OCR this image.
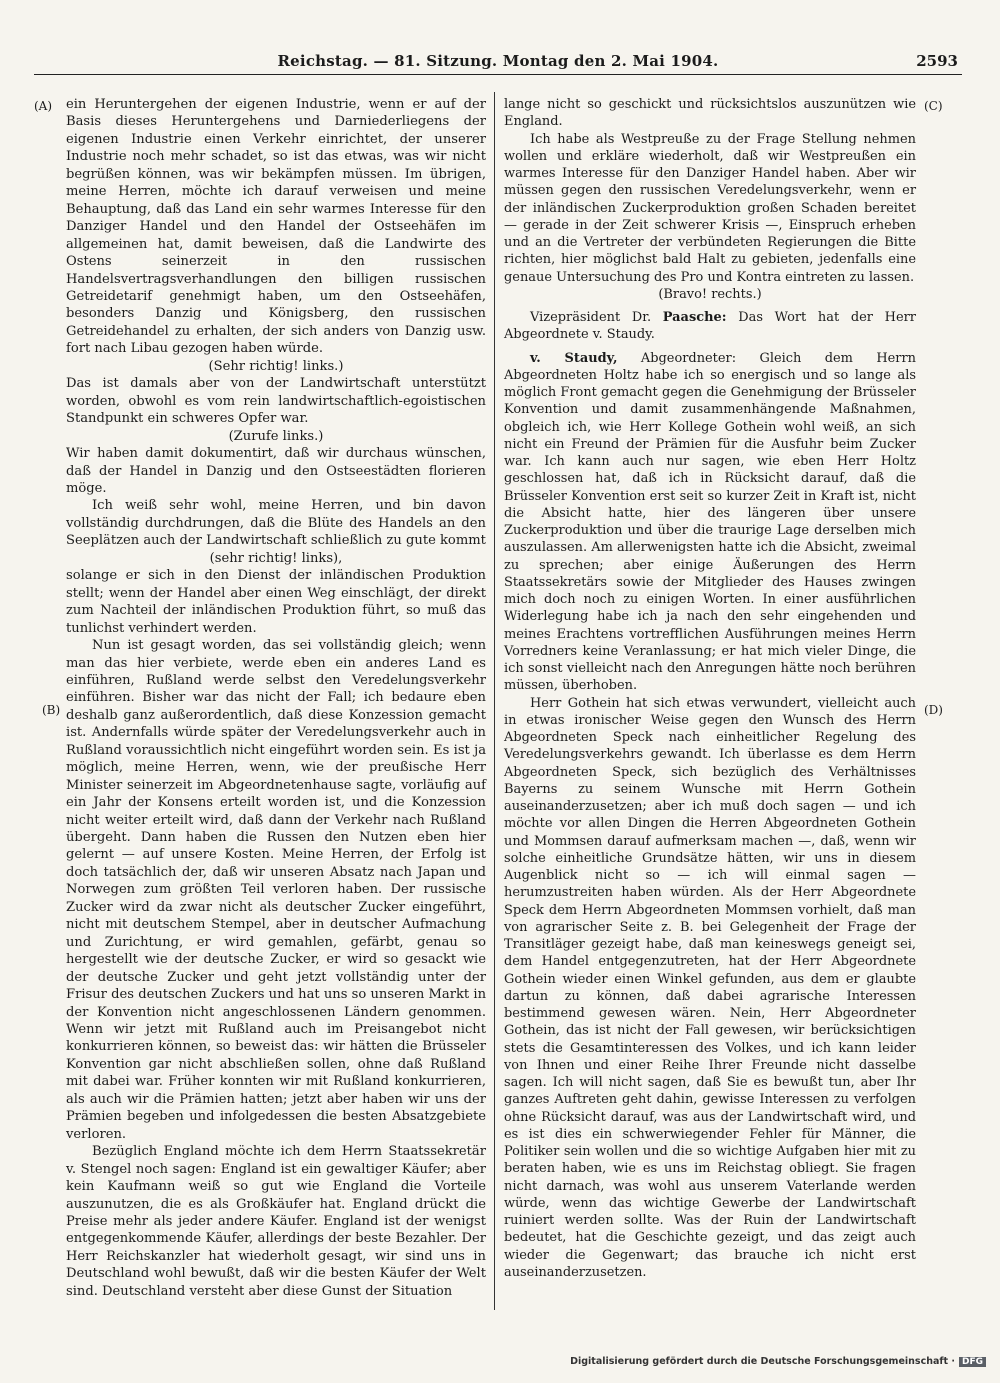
Reichstag. — 81. Sitzung. Montag den 2. Mai 1904.	2593
(A)
(B)
(C)
(D)

ein Heruntergehen der eigenen Industrie, wenn er auf der Basis dieses Heruntergehens und Darniederliegens der eigenen Industrie einen Verkehr einrichtet, der unserer Industrie noch mehr schadet, so ist das etwas, was wir nicht begrüßen können, was wir bekämpfen müssen. Im übrigen, meine Herren, möchte ich darauf verweisen und meine Behauptung, daß das Land ein sehr warmes Interesse für den Danziger Handel und den Handel der Ostseehäfen im allgemeinen hat, damit beweisen, daß die Landwirte des Ostens seinerzeit in den russischen Handelsvertragsverhandlungen den billigen russischen Getreidetarif genehmigt haben, um den Ostseehäfen, besonders Danzig und Königsberg, den russischen Getreidehandel zu erhalten, der sich anders von Danzig usw. fort nach Libau gezogen haben würde.

(Sehr richtig! links.)

Das ist damals aber von der Landwirtschaft unterstützt worden, obwohl es vom rein landwirtschaftlich-egoistischen Standpunkt ein schweres Opfer war.

(Zurufe links.)

Wir haben damit dokumentirt, daß wir durchaus wünschen, daß der Handel in Danzig und den Ostseestädten florieren möge.

Ich weiß sehr wohl, meine Herren, und bin davon vollständig durchdrungen, daß die Blüte des Handels an den Seeplätzen auch der Landwirtschaft schließlich zu gute kommt

(sehr richtig! links),

solange er sich in den Dienst der inländischen Produktion stellt; wenn der Handel aber einen Weg einschlägt, der direkt zum Nachteil der inländischen Produktion führt, so muß das tunlichst verhindert werden.

Nun ist gesagt worden, das sei vollständig gleich; wenn man das hier verbiete, werde eben ein anderes Land es einführen, Rußland werde selbst den Veredelungsverkehr einführen. Bisher war das nicht der Fall; ich bedaure eben deshalb ganz außerordentlich, daß diese Konzession gemacht ist. Andernfalls würde später der Veredelungsverkehr auch in Rußland voraussichtlich nicht eingeführt worden sein. Es ist ja möglich, meine Herren, wenn, wie der preußische Herr Minister seinerzeit im Abgeordnetenhause sagte, vorläufig auf ein Jahr der Konsens erteilt worden ist, und die Konzession nicht weiter erteilt wird, daß dann der Verkehr nach Rußland übergeht. Dann haben die Russen den Nutzen eben hier gelernt — auf unsere Kosten. Meine Herren, der Erfolg ist doch tatsächlich der, daß wir unseren Absatz nach Japan und Norwegen zum größten Teil verloren haben. Der russische Zucker wird da zwar nicht als deutscher Zucker eingeführt, nicht mit deutschem Stempel, aber in deutscher Aufmachung und Zurichtung, er wird gemahlen, gefärbt, genau so hergestellt wie der deutsche Zucker, er wird so gesackt wie der deutsche Zucker und geht jetzt vollständig unter der Frisur des deutschen Zuckers und hat uns so unseren Markt in der Konvention nicht angeschlossenen Ländern genommen. Wenn wir jetzt mit Rußland auch im Preisangebot nicht konkurrieren können, so beweist das: wir hätten die Brüsseler Konvention gar nicht abschließen sollen, ohne daß Rußland mit dabei war. Früher konnten wir mit Rußland konkurrieren, als auch wir die Prämien hatten; jetzt aber haben wir uns der Prämien begeben und infolgedessen die besten Absatzgebiete verloren.

Bezüglich England möchte ich dem Herrn Staatssekretär v. Stengel noch sagen: England ist ein gewaltiger Käufer; aber kein Kaufmann weiß so gut wie England die Vorteile auszunutzen, die es als Großkäufer hat. England drückt die Preise mehr als jeder andere Käufer. England ist der wenigst entgegenkommende Käufer, allerdings der beste Bezahler. Der Herr Reichskanzler hat wiederholt gesagt, wir sind uns in Deutschland wohl bewußt, daß wir die besten Käufer der Welt sind. Deutschland versteht aber diese Gunst der Situation

lange nicht so geschickt und rücksichtslos auszunützen wie England.

Ich habe als Westpreuße zu der Frage Stellung nehmen wollen und erkläre wiederholt, daß wir Westpreußen ein warmes Interesse für den Danziger Handel haben. Aber wir müssen gegen den russischen Veredelungsverkehr, wenn er der inländischen Zuckerproduktion großen Schaden bereitet — gerade in der Zeit schwerer Krisis —, Einspruch erheben und an die Vertreter der verbündeten Regierungen die Bitte richten, hier möglichst bald Halt zu gebieten, jedenfalls eine genaue Untersuchung des Pro und Kontra eintreten zu lassen.

(Bravo! rechts.)

Vizepräsident Dr. Paasche: Das Wort hat der Herr Abgeordnete v. Staudy.

v. Staudy, Abgeordneter: Gleich dem Herrn Abgeordneten Holtz habe ich so energisch und so lange als möglich Front gemacht gegen die Genehmigung der Brüsseler Konvention und damit zusammenhängende Maßnahmen, obgleich ich, wie Herr Kollege Gothein wohl weiß, an sich nicht ein Freund der Prämien für die Ausfuhr beim Zucker war. Ich kann auch nur sagen, wie eben Herr Holtz geschlossen hat, daß ich in Rücksicht darauf, daß die Brüsseler Konvention erst seit so kurzer Zeit in Kraft ist, nicht die Absicht hatte, hier des längeren über unsere Zuckerproduktion und über die traurige Lage derselben mich auszulassen. Am allerwenigsten hatte ich die Absicht, zweimal zu sprechen; aber einige Äußerungen des Herrn Staatssekretärs sowie der Mitglieder des Hauses zwingen mich doch noch zu einigen Worten. In einer ausführlichen Widerlegung habe ich ja nach den sehr eingehenden und meines Erachtens vortrefflichen Ausführungen meines Herrn Vorredners keine Veranlassung; er hat mich vieler Dinge, die ich sonst vielleicht nach den Anregungen hätte noch berühren müssen, überhoben.

Herr Gothein hat sich etwas verwundert, vielleicht auch in etwas ironischer Weise gegen den Wunsch des Herrn Abgeordneten Speck nach einheitlicher Regelung des Veredelungsverkehrs gewandt. Ich überlasse es dem Herrn Abgeordneten Speck, sich bezüglich des Verhältnisses Bayerns zu seinem Wunsche mit Herrn Gothein auseinanderzusetzen; aber ich muß doch sagen — und ich möchte vor allen Dingen die Herren Abgeordneten Gothein und Mommsen darauf aufmerksam machen —, daß, wenn wir solche einheitliche Grundsätze hätten, wir uns in diesem Augenblick nicht so — ich will einmal sagen — herumzustreiten haben würden. Als der Herr Abgeordnete Speck dem Herrn Abgeordneten Mommsen vorhielt, daß man von agrarischer Seite z. B. bei Gelegenheit der Frage der Transitläger gezeigt habe, daß man keineswegs geneigt sei, dem Handel entgegenzutreten, hat der Herr Abgeordnete Gothein wieder einen Winkel gefunden, aus dem er glaubte dartun zu können, daß dabei agrarische Interessen bestimmend gewesen wären. Nein, Herr Abgeordneter Gothein, das ist nicht der Fall gewesen, wir berücksichtigen stets die Gesamtinteressen des Volkes, und ich kann leider von Ihnen und einer Reihe Ihrer Freunde nicht dasselbe sagen. Ich will nicht sagen, daß Sie es bewußt tun, aber Ihr ganzes Auftreten geht dahin, gewisse Interessen zu verfolgen ohne Rücksicht darauf, was aus der Landwirtschaft wird, und es ist dies ein schwerwiegender Fehler für Männer, die Politiker sein wollen und die so wichtige Aufgaben hier mit zu beraten haben, wie es uns im Reichstag obliegt. Sie fragen nicht darnach, was wohl aus unserem Vaterlande werden würde, wenn das wichtige Gewerbe der Landwirtschaft ruiniert werden sollte. Was der Ruin der Landwirtschaft bedeutet, hat die Geschichte gezeigt, und das zeigt auch wieder die Gegenwart; das brauche ich nicht erst auseinanderzusetzen.

Digitalisierung gefördert durch die Deutsche Forschungsgemeinschaft · DFG
